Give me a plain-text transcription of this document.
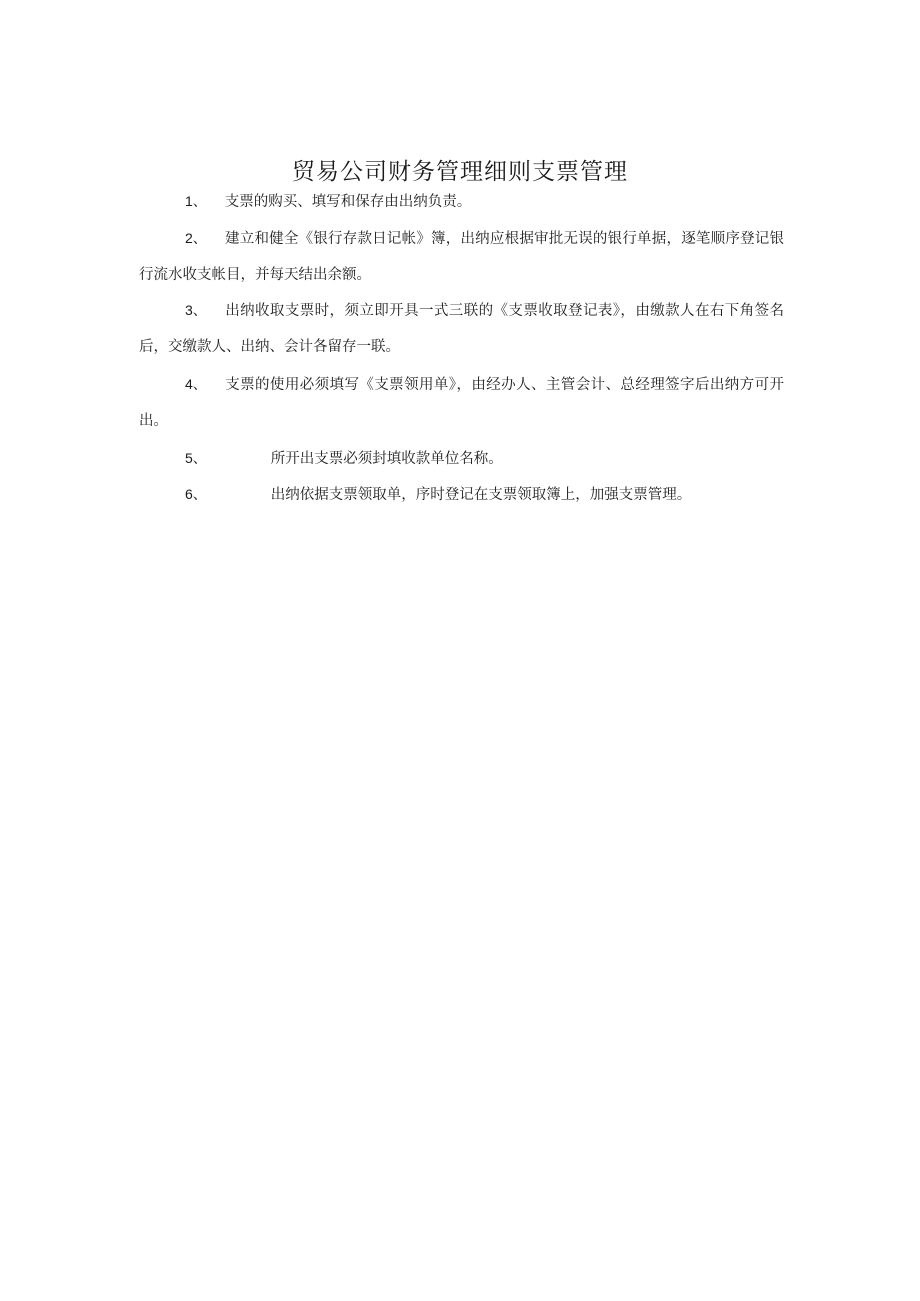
贸易公司财务管理细则支票管理

1、 支票的购买、填写和保存由出纳负责。

2、 建立和健全《银行存款日记帐》簿，出纳应根据审批无误的银行单据，逐笔顺序登记银行流水收支帐目，并每天结出余额。

3、 出纳收取支票时，须立即开具一式三联的《支票收取登记表》，由缴款人在右下角签名后，交缴款人、出纳、会计各留存一联。

4、 支票的使用必须填写《支票领用单》，由经办人、主管会计、总经理签字后出纳方可开出。

5、	所开出支票必须封填收款单位名称。

6、	出纳依据支票领取单，序时登记在支票领取簿上，加强支票管理。
